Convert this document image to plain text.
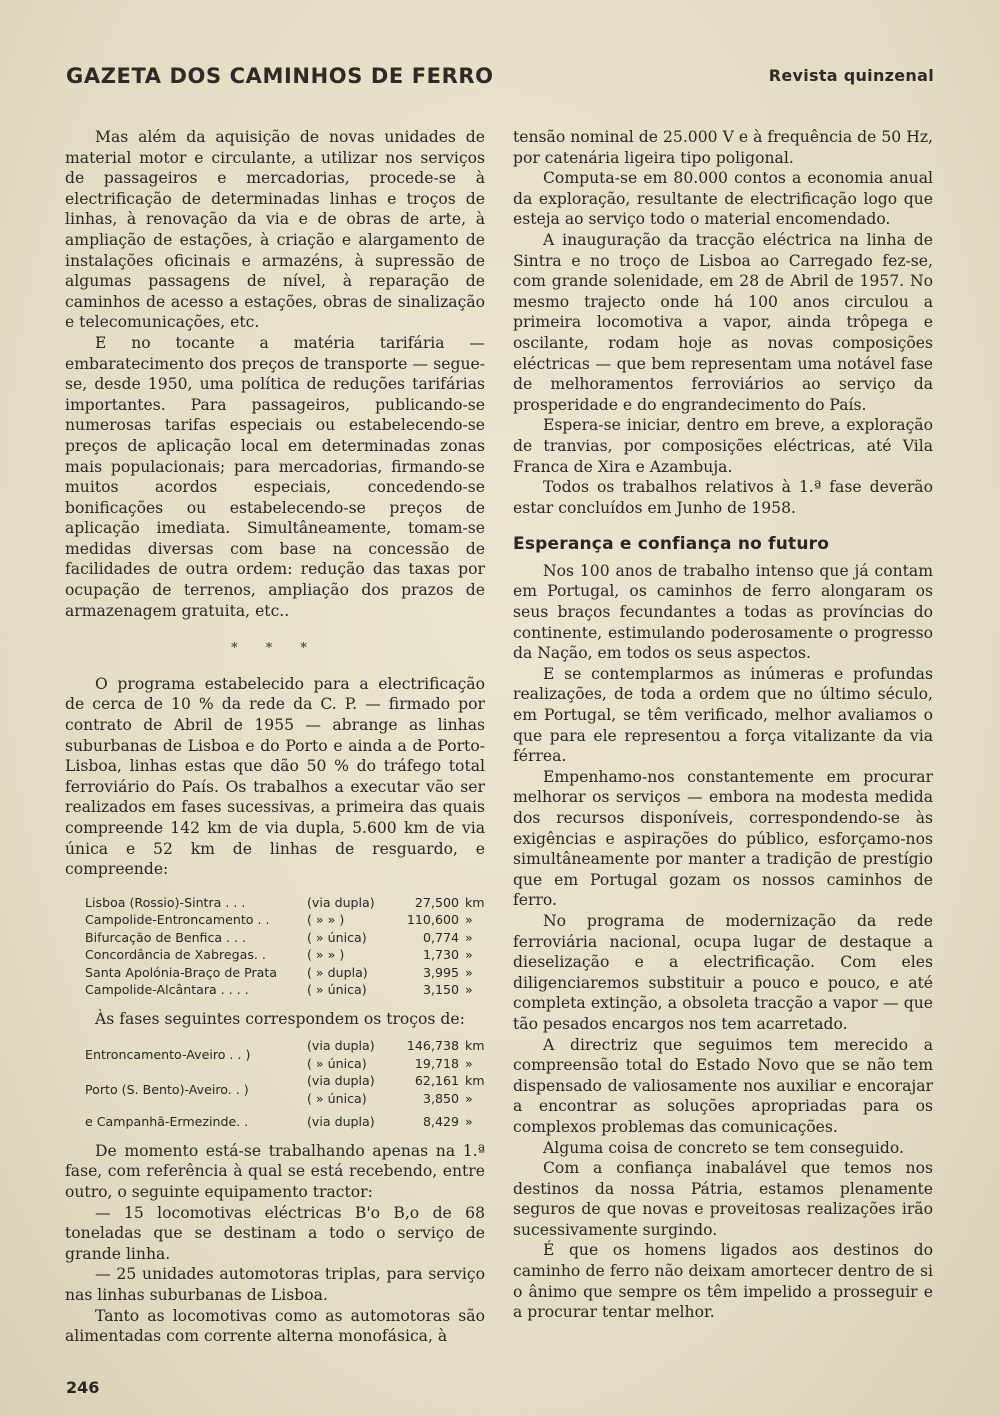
GAZETA DOS CAMINHOS DE FERRO	Revista quinzenal

Mas além da aquisição de novas unidades de material motor e circulante, a utilizar nos serviços de passageiros e mercadorias, procede-se à electrificação de determinadas linhas e troços de linhas, à renovação da via e de obras de arte, à ampliação de estações, à criação e alargamento de instalações oficinais e armazéns, à supressão de algumas passagens de nível, à reparação de caminhos de acesso a estações, obras de sinalização e telecomunicações, etc.

E no tocante a matéria tarifária — embaratecimento dos preços de transporte — segue-se, desde 1950, uma política de reduções tarifárias importantes. Para passageiros, publicando-se numerosas tarifas especiais ou estabelecendo-se preços de aplicação local em determinadas zonas mais populacionais; para mercadorias, firmando-se muitos acordos especiais, concedendo-se bonificações ou estabelecendo-se preços de aplicação imediata. Simultâneamente, tomam-se medidas diversas com base na concessão de facilidades de outra ordem: redução das taxas por ocupação de terrenos, ampliação dos prazos de armazenagem gratuita, etc..

* * *

O programa estabelecido para a electrificação de cerca de 10 % da rede da C. P. — firmado por contrato de Abril de 1955 — abrange as linhas suburbanas de Lisboa e do Porto e ainda a de Porto-Lisboa, linhas estas que dão 50 % do tráfego total ferroviário do País. Os trabalhos a executar vão ser realizados em fases sucessivas, a primeira das quais compreende 142 km de via dupla, 5.600 km de via única e 52 km de linhas de resguardo, e compreende:

Lisboa (Rossio)-Sintra . . .	(via dupla)	27,500	km
Campolide-Entroncamento . .	( » » )	110,600	»
Bifurcação de Benfica . . .	( » única)	0,774	»
Concordância de Xabregas. .	( » » )	1,730	»
Santa Apolónia-Braço de Prata	( » dupla)	3,995	»
Campolide-Alcântara . . . .	( » única)	3,150	»

Às fases seguintes correspondem os troços de:

Entroncamento-Aveiro . . )	(via dupla)	146,738	km
	( » única)	19,718	»
Porto (S. Bento)-Aveiro. . )	(via dupla)	62,161	km
	( » única)	3,850	»
e Campanhã-Ermezinde. .	(via dupla)	8,429	»

De momento está-se trabalhando apenas na 1.ª fase, com referência à qual se está recebendo, entre outro, o seguinte equipamento tractor:

— 15 locomotivas eléctricas B'o B,o de 68 toneladas que se destinam a todo o serviço de grande linha.

— 25 unidades automotoras triplas, para serviço nas linhas suburbanas de Lisboa.

Tanto as locomotivas como as automotoras são alimentadas com corrente alterna monofásica, à

tensão nominal de 25.000 V e à frequência de 50 Hz, por catenária ligeira tipo poligonal.

Computa-se em 80.000 contos a economia anual da exploração, resultante de electrificação logo que esteja ao serviço todo o material encomendado.

A inauguração da tracção eléctrica na linha de Sintra e no troço de Lisboa ao Carregado fez-se, com grande solenidade, em 28 de Abril de 1957. No mesmo trajecto onde há 100 anos circulou a primeira locomotiva a vapor, ainda trôpega e oscilante, rodam hoje as novas composições eléctricas — que bem representam uma notável fase de melhoramentos ferroviários ao serviço da prosperidade e do engrandecimento do País.

Espera-se iniciar, dentro em breve, a exploração de tranvias, por composições eléctricas, até Vila Franca de Xira e Azambuja.

Todos os trabalhos relativos à 1.ª fase deverão estar concluídos em Junho de 1958.

Esperança e confiança no futuro

Nos 100 anos de trabalho intenso que já contam em Portugal, os caminhos de ferro alongaram os seus braços fecundantes a todas as províncias do continente, estimulando poderosamente o progresso da Nação, em todos os seus aspectos.

E se contemplarmos as inúmeras e profundas realizações, de toda a ordem que no último século, em Portugal, se têm verificado, melhor avaliamos o que para ele representou a força vitalizante da via férrea.

Empenhamo-nos constantemente em procurar melhorar os serviços — embora na modesta medida dos recursos disponíveis, correspondendo-se às exigências e aspirações do público, esforçamo-nos simultâneamente por manter a tradição de prestígio que em Portugal gozam os nossos caminhos de ferro.

No programa de modernização da rede ferroviária nacional, ocupa lugar de destaque a dieselização e a electrificação. Com eles diligenciaremos substituir a pouco e pouco, e até completa extinção, a obsoleta tracção a vapor — que tão pesados encargos nos tem acarretado.

A directriz que seguimos tem merecido a compreensão total do Estado Novo que se não tem dispensado de valiosamente nos auxiliar e encorajar a encontrar as soluções apropriadas para os complexos problemas das comunicações.

Alguma coisa de concreto se tem conseguido.

Com a confiança inabalável que temos nos destinos da nossa Pátria, estamos plenamente seguros de que novas e proveitosas realizações irão sucessivamente surgindo.

É que os homens ligados aos destinos do caminho de ferro não deixam amortecer dentro de si o ânimo que sempre os têm impelido a prosseguir e a procurar tentar melhor.

246
